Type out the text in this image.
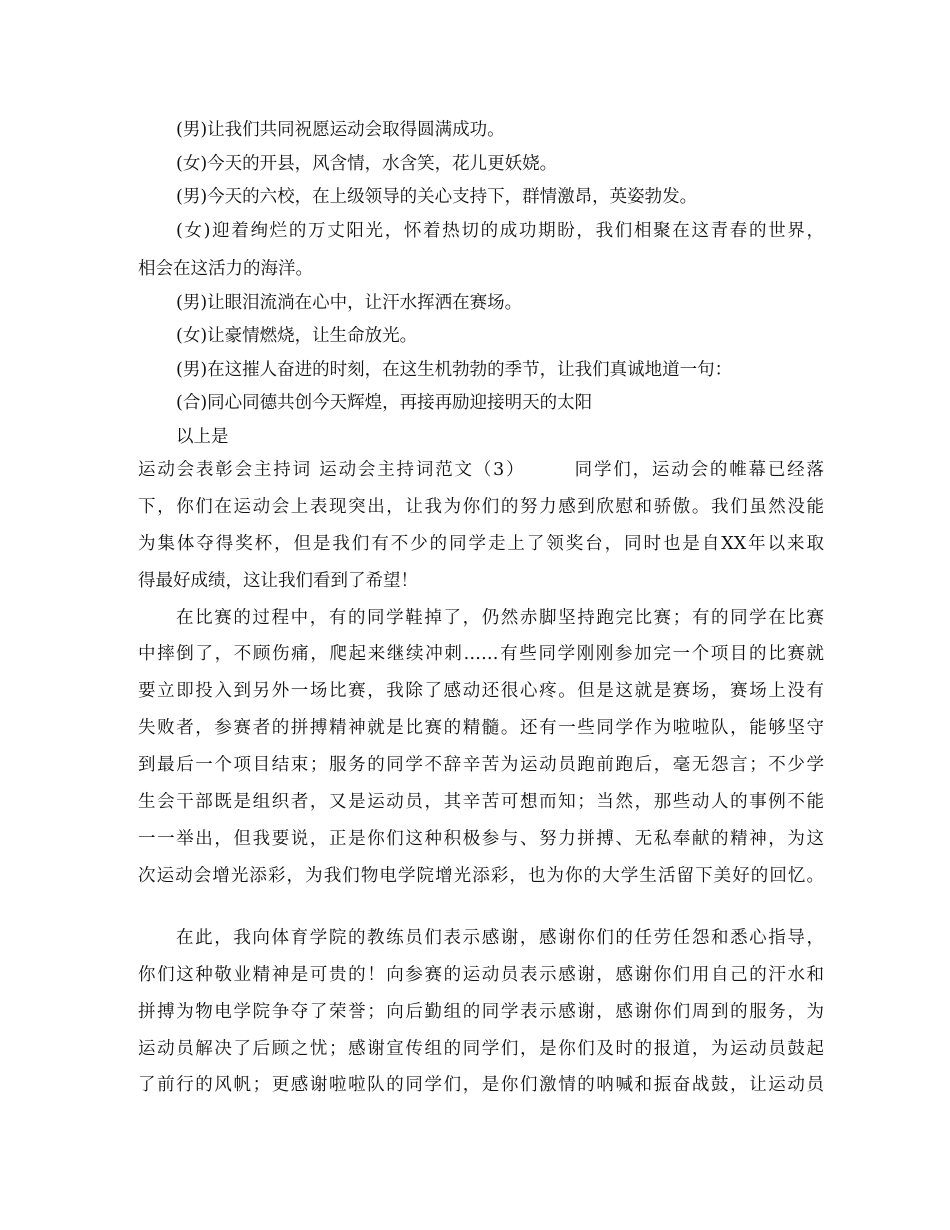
(男)让我们共同祝愿运动会取得圆满成功。
(女)今天的开县，风含情，水含笑，花儿更妖娆。
(男)今天的六校，在上级领导的关心支持下，群情激昂，英姿勃发。
(女)迎着绚烂的万丈阳光，怀着热切的成功期盼，我们相聚在这青春的世界，
相会在这活力的海洋。
(男)让眼泪流淌在心中，让汗水挥洒在赛场。
(女)让豪情燃烧，让生命放光。
(男)在这摧人奋进的时刻，在这生机勃勃的季节，让我们真诚地道一句：
(合)同心同德共创今天辉煌，再接再励迎接明天的太阳
以上是
运动会表彰会主持词 运动会主持词范文（3）　　　同学们，运动会的帷幕已经落
下，你们在运动会上表现突出，让我为你们的努力感到欣慰和骄傲。我们虽然没能
为集体夺得奖杯，但是我们有不少的同学走上了领奖台，同时也是自XX年以来取
得最好成绩，这让我们看到了希望！
在比赛的过程中，有的同学鞋掉了，仍然赤脚坚持跑完比赛；有的同学在比赛
中摔倒了，不顾伤痛，爬起来继续冲刺……有些同学刚刚参加完一个项目的比赛就
要立即投入到另外一场比赛，我除了感动还很心疼。但是这就是赛场，赛场上没有
失败者，参赛者的拼搏精神就是比赛的精髓。还有一些同学作为啦啦队，能够坚守
到最后一个项目结束；服务的同学不辞辛苦为运动员跑前跑后，毫无怨言；不少学
生会干部既是组织者，又是运动员，其辛苦可想而知；当然，那些动人的事例不能
一一举出，但我要说，正是你们这种积极参与、努力拼搏、无私奉献的精神，为这
次运动会增光添彩，为我们物电学院增光添彩，也为你的大学生活留下美好的回忆。
在此，我向体育学院的教练员们表示感谢，感谢你们的任劳任怨和悉心指导，
你们这种敬业精神是可贵的！向参赛的运动员表示感谢，感谢你们用自己的汗水和
拼搏为物电学院争夺了荣誉；向后勤组的同学表示感谢，感谢你们周到的服务，为
运动员解决了后顾之忧；感谢宣传组的同学们，是你们及时的报道，为运动员鼓起
了前行的风帆；更感谢啦啦队的同学们，是你们激情的呐喊和振奋战鼓，让运动员
